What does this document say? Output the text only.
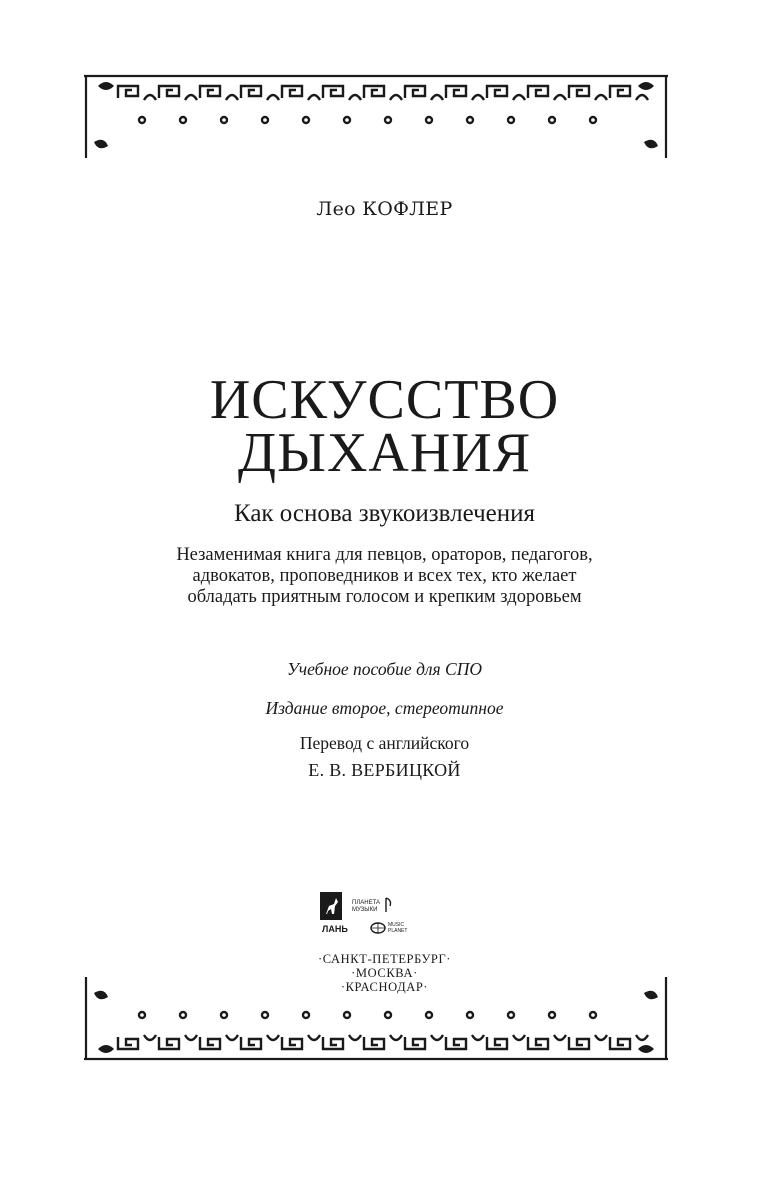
Лео КОФЛЕР
ИСКУССТВО
ДЫХАНИЯ
Как основа звукоизвлечения
Незаменимая книга для певцов, ораторов, педагогов,
адвокатов, проповедников и всех тех, кто желает
обладать приятным голосом и крепким здоровьем
Учебное пособие для СПО
Издание второе, стереотипное
Перевод с английского
Е. В. ВЕРБИЦКОЙ
ЛАНЬ
ПЛАНЕТА
МУЗЫКИ
MUSIC
PLANET
·САНКТ-ПЕТЕРБУРГ·
·МОСКВА·
·КРАСНОДАР·
